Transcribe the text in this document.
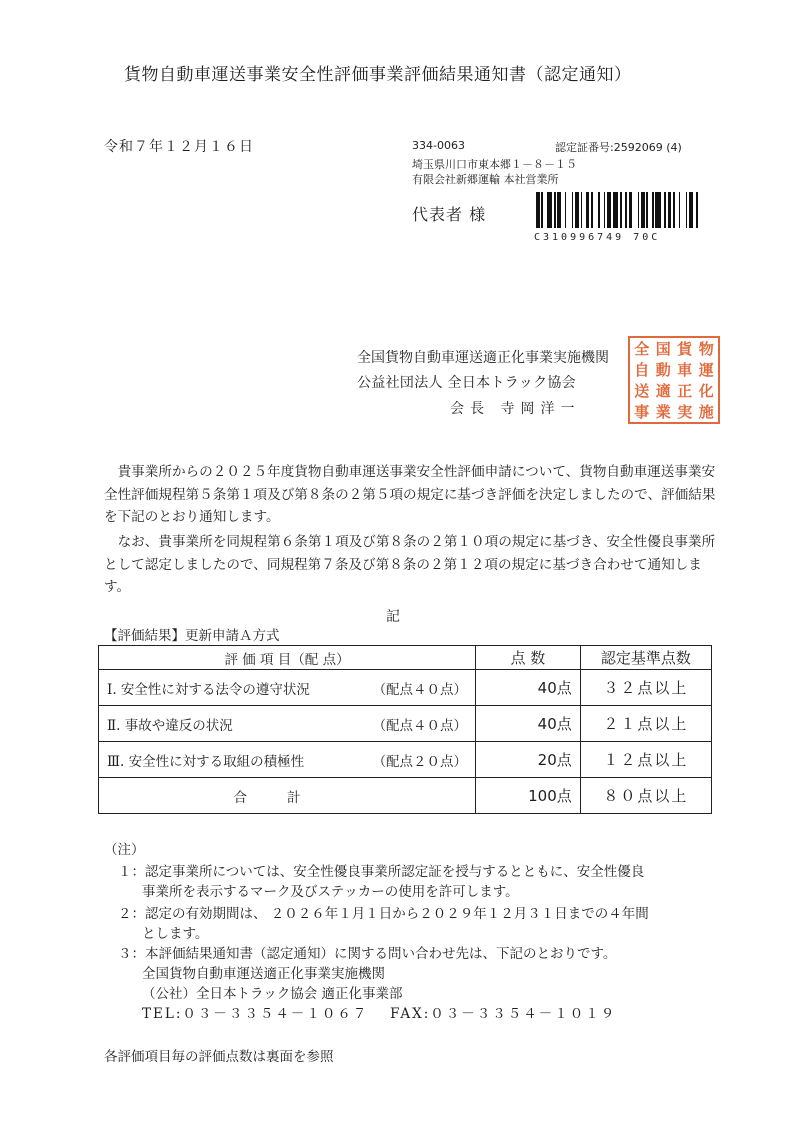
貨物自動車運送事業安全性評価事業評価結果通知書（認定通知）
令和７年１２月１６日	334-0063	認定証番号:2592069 (4)
埼玉県川口市東本郷１－８－１５
有限会社新郷運輸 本社営業所
代表者 様
C310996749 70C
全国貨物自動車運送適正化事業実施機関
公益社団法人 全日本トラック協会
会長 寺岡洋一
全 国 貨 物
自 動 車 運
送 適 正 化
事 業 実 施
貴事業所からの２０２５年度貨物自動車運送事業安全性評価申請について、貨物自動車運送事業安全性評価規程第５条第１項及び第８条の２第５項の規定に基づき評価を決定しましたので、評価結果を下記のとおり通知します。
なお、貴事業所を同規程第６条第１項及び第８条の２第１０項の規定に基づき、安全性優良事業所として認定しましたので、同規程第７条及び第８条の２第１２項の規定に基づき合わせて通知します。
記
【評価結果】更新申請Ａ方式
評 価 項 目（配 点）	点 数	認定基準点数

Ⅰ. 安全性に対する法令の遵守状況 （配点４０点）	40点	３２点以上

Ⅱ. 事故や違反の状況 （配点４０点）	40点	２１点以上

Ⅲ. 安全性に対する取組の積極性 （配点２０点）	20点	１２点以上
合計	100点	８０点以上
（注）
１：認定事業所については、安全性優良事業所認定証を授与するとともに、安全性優良
事業所を表示するマーク及びステッカーの使用を許可します。
２：認定の有効期間は、 ２０２６年１月１日から２０２９年１２月３１日までの４年間
とします。
３：本評価結果通知書（認定通知）に関する問い合わせ先は、下記のとおりです。
全国貨物自動車運送適正化事業実施機関
（公社）全日本トラック協会 適正化事業部
TEL:０３－３３５４－１０６７　 FAX:０３－３３５４－１０１９
各評価項目毎の評価点数は裏面を参照
